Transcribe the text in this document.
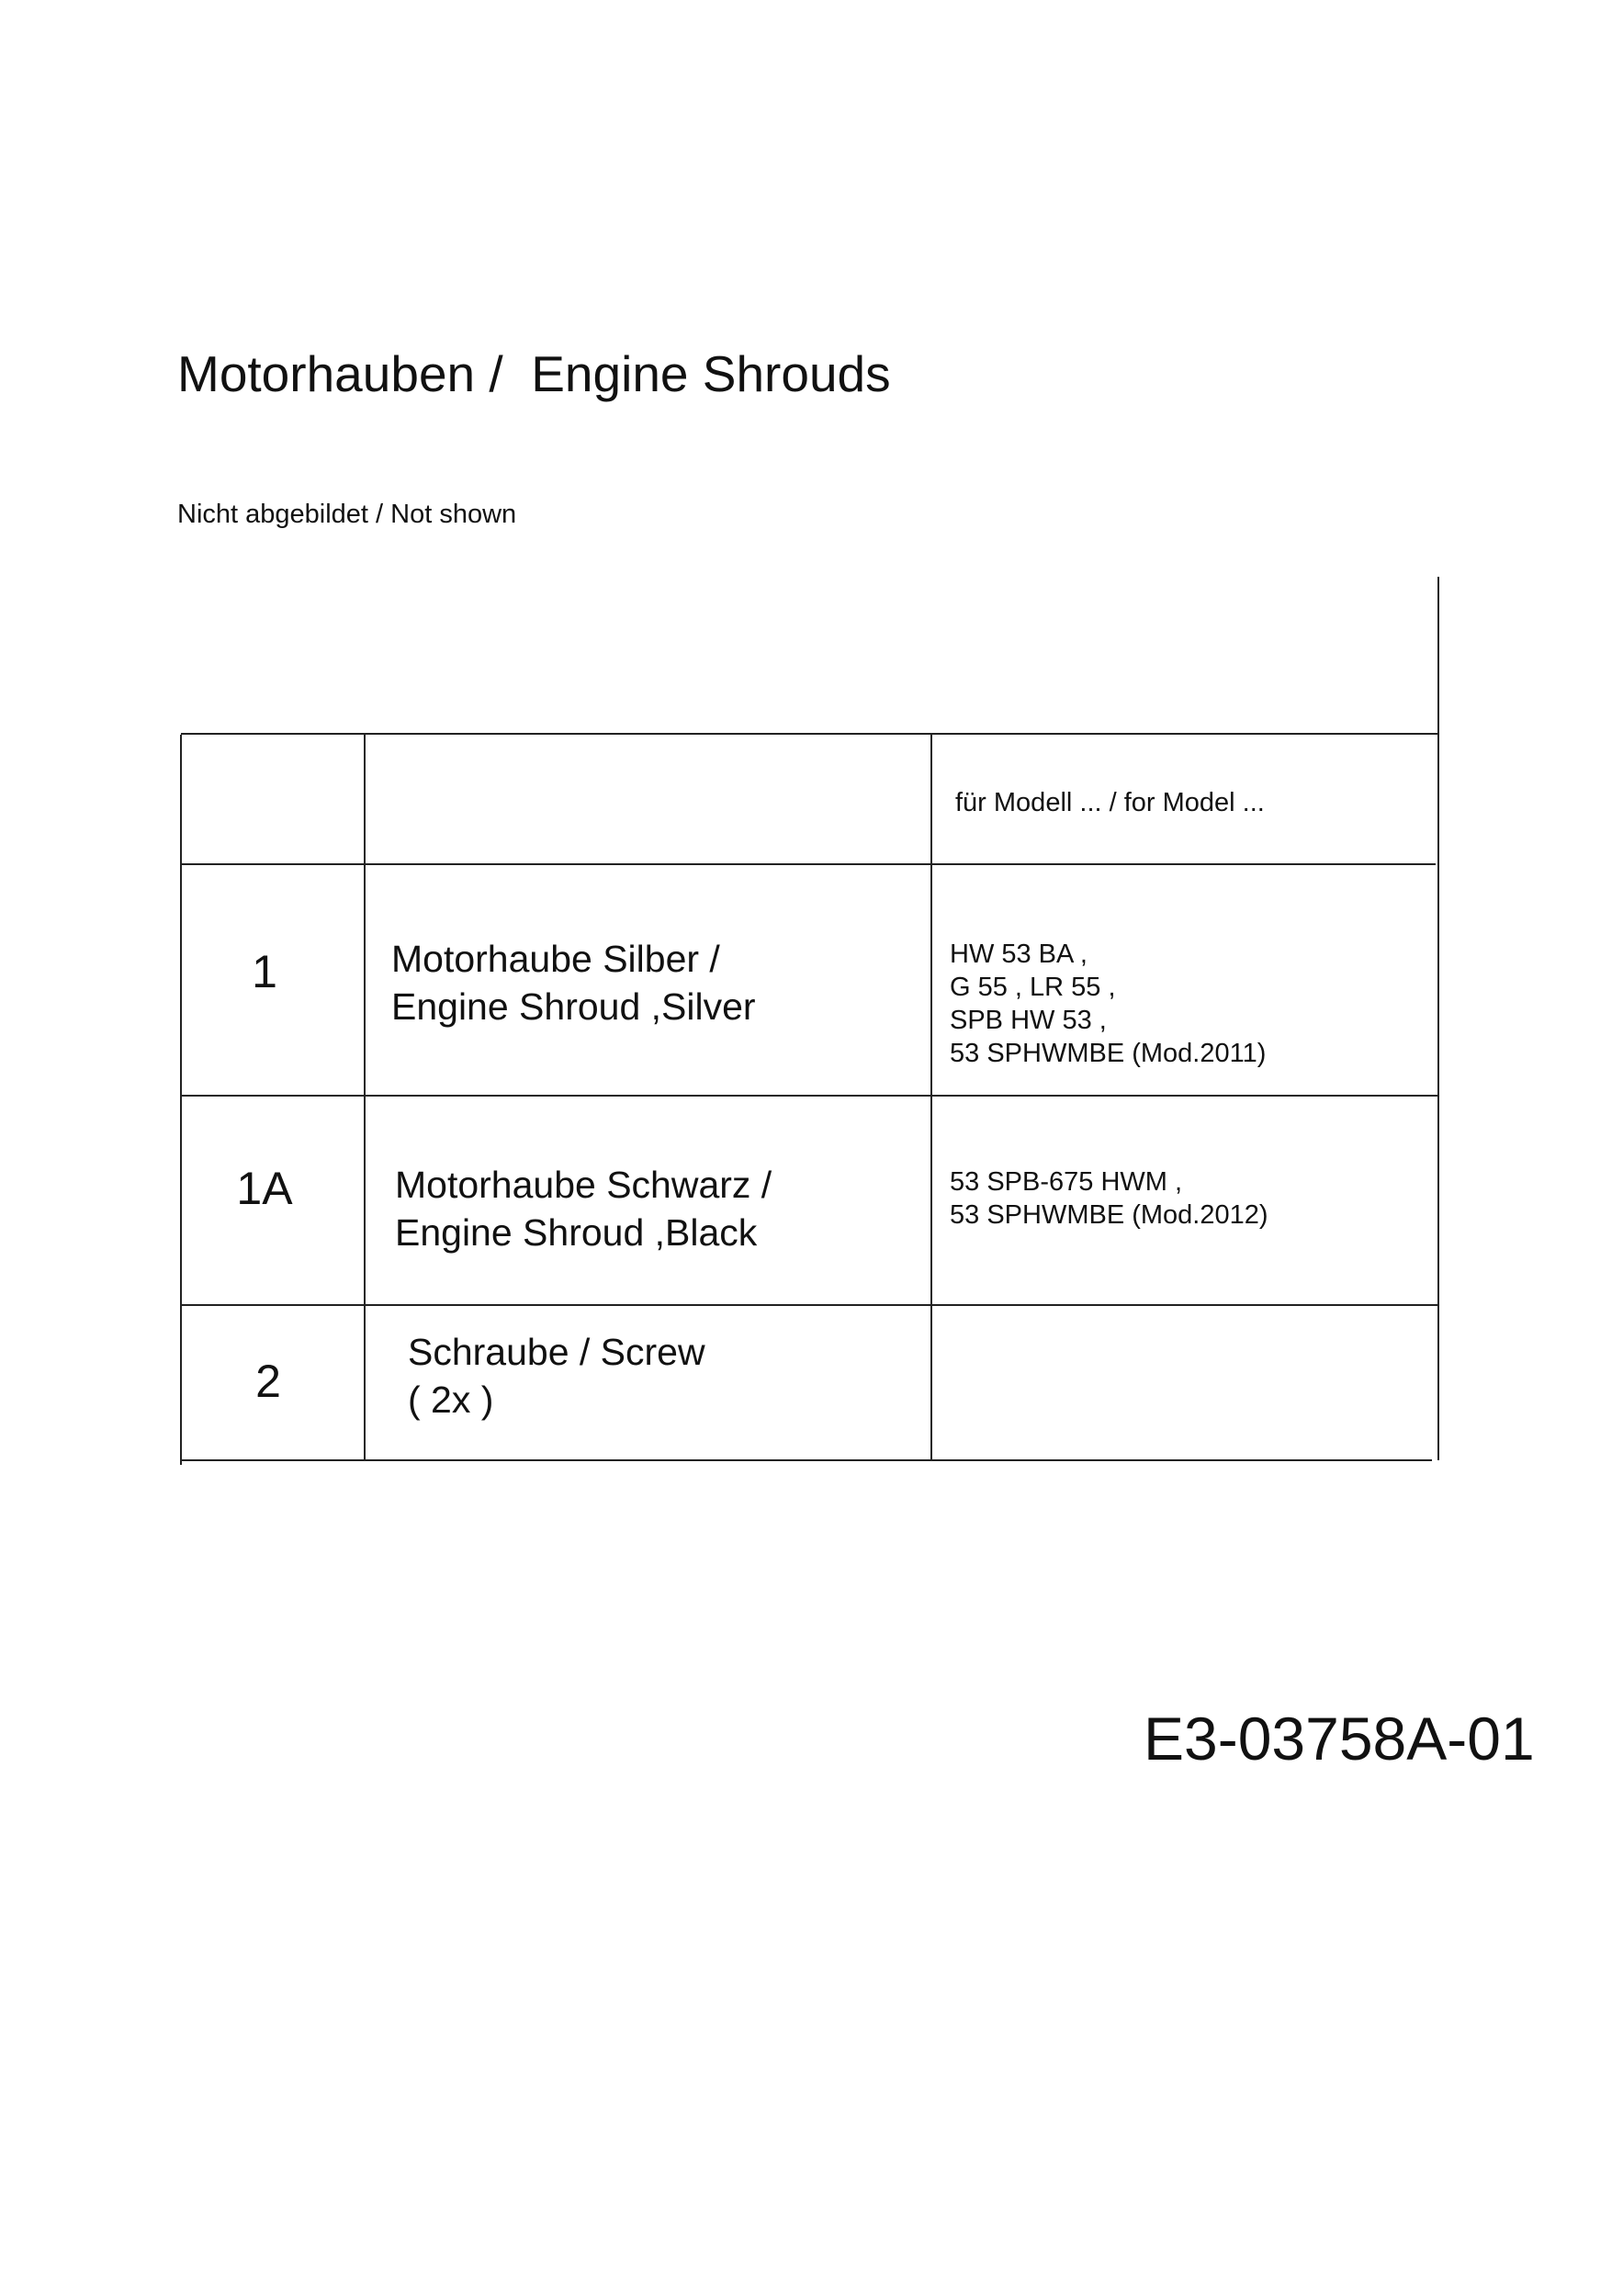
Motorhauben /  Engine Shrouds
Nicht abgebildet / Not shown
für Modell ... / for Model ...
1	Motorhaube Silber /
Engine Shroud ,Silver
HW 53 BA ,
G 55 , LR 55 ,
SPB HW 53 ,
53 SPHWMBE (Mod.2011)
1A	Motorhaube Schwarz /
Engine Shroud ,Black
53 SPB-675 HWM ,
53 SPHWMBE (Mod.2012)
2
Schraube / Screw
( 2x )
E3-03758A-01
